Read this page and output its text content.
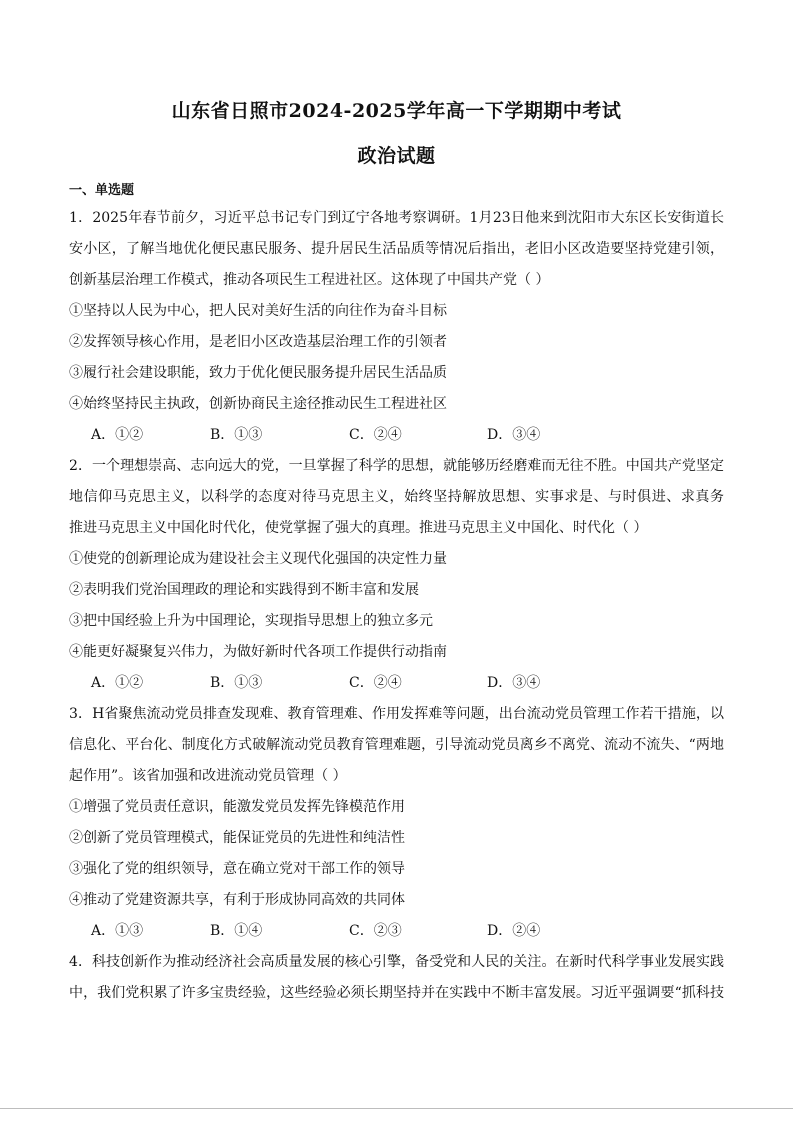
山东省日照市2024-2025学年高一下学期期中考试
政治试题
一、单选题
1．2025年春节前夕，习近平总书记专门到辽宁各地考察调研。1月23日他来到沈阳市大东区长安街道长
安小区，了解当地优化便民惠民服务、提升居民生活品质等情况后指出，老旧小区改造要坚持党建引领，
创新基层治理工作模式，推动各项民生工程进社区。这体现了中国共产党（ ）
①坚持以人民为中心，把人民对美好生活的向往作为奋斗目标
②发挥领导核心作用，是老旧小区改造基层治理工作的引领者
③履行社会建设职能，致力于优化便民服务提升居民生活品质
④始终坚持民主执政，创新协商民主途径推动民生工程进社区
A．①②	B．①③	C．②④	D．③④
2．一个理想崇高、志向远大的党，一旦掌握了科学的思想，就能够历经磨难而无往不胜。中国共产党坚定
地信仰马克思主义，以科学的态度对待马克思主义，始终坚持解放思想、实事求是、与时俱进、求真务
推进马克思主义中国化时代化，使党掌握了强大的真理。推进马克思主义中国化、时代化（ ）
①使党的创新理论成为建设社会主义现代化强国的决定性力量
②表明我们党治国理政的理论和实践得到不断丰富和发展
③把中国经验上升为中国理论，实现指导思想上的独立多元
④能更好凝聚复兴伟力，为做好新时代各项工作提供行动指南
A．①②	B．①③	C．②④	D．③④
3．H省聚焦流动党员排查发现难、教育管理难、作用发挥难等问题，出台流动党员管理工作若干措施，以
信息化、平台化、制度化方式破解流动党员教育管理难题，引导流动党员离乡不离党、流动不流失、“两地
起作用”。该省加强和改进流动党员管理（ ）
①增强了党员责任意识，能激发党员发挥先锋模范作用
②创新了党员管理模式，能保证党员的先进性和纯洁性
③强化了党的组织领导，意在确立党对干部工作的领导
④推动了党建资源共享，有利于形成协同高效的共同体
A．①③	B．①④	C．②③	D．②④
4．科技创新作为推动经济社会高质量发展的核心引擎，备受党和人民的关注。在新时代科学事业发展实践
中，我们党积累了许多宝贵经验，这些经验必须长期坚持并在实践中不断丰富发展。习近平强调要“抓科技
